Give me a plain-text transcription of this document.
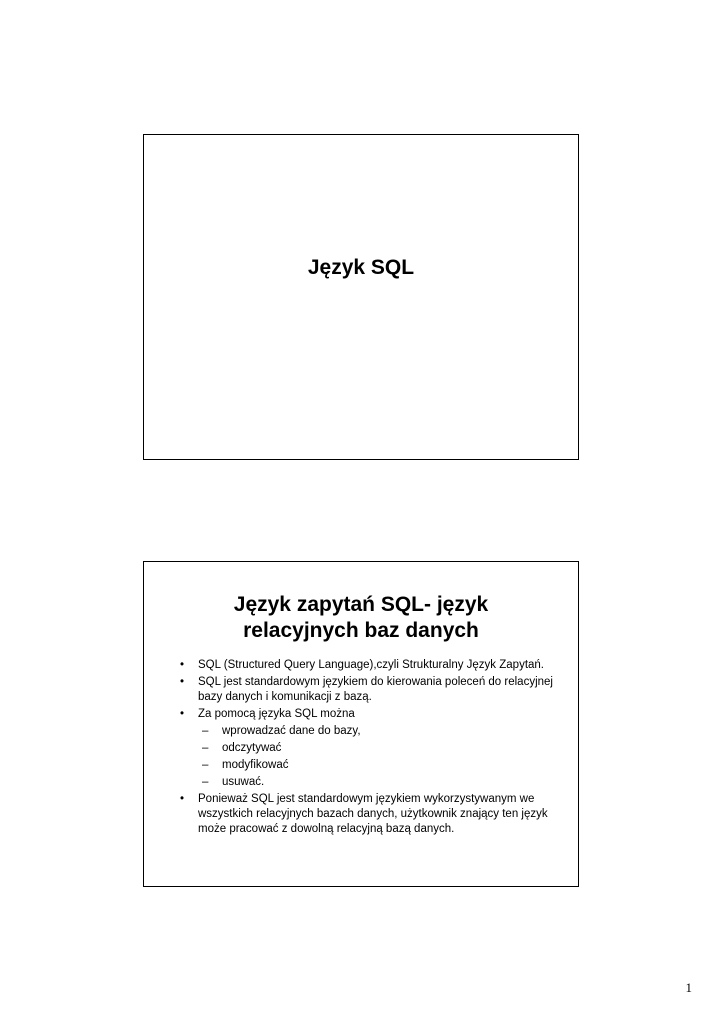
Język SQL
Język zapytań SQL- język
relacyjnych baz danych
•	SQL (Structured Query Language),czyli Strukturalny Język Zapytań.
•	SQL jest standardowym językiem do kierowania poleceń do relacyjnej bazy danych i komunikacji z bazą.
•	Za pomocą języka SQL można
–	wprowadzać dane do bazy,
–	odczytywać
–	modyfikować
–	usuwać.
•	Ponieważ SQL jest standardowym językiem wykorzystywanym we wszystkich relacyjnych bazach danych, użytkownik znający ten język może pracować z dowolną relacyjną bazą danych.
1
